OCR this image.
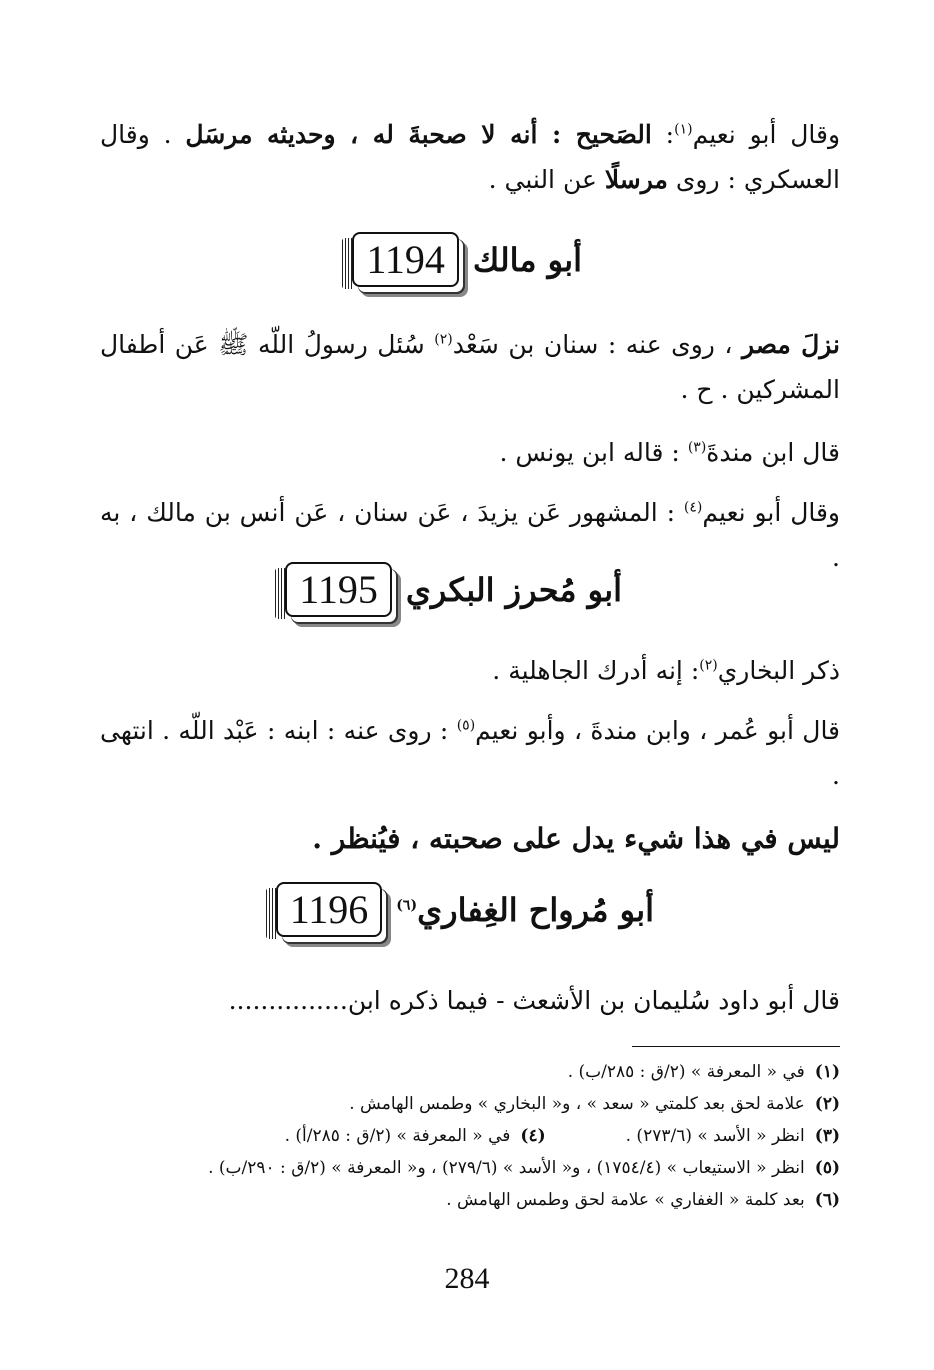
وقال أبو نعيم$^{(١)}$: الصَحيح : أنه لا صحبةَ له ، وحديثه مرسَل . وقال العسكري : روى مرسلًا عن النبي .
أبو مالك
1194
نزلَ مصر ، روى عنه : سنان بن سَعْد$^{(٢)}$ سُئل رسولُ اللّه ﷺ عَن أطفال المشركين . ح .
قال ابن مندةَ$^{(٣)}$ : قاله ابن يونس .
وقال أبو نعيم$^{(٤)}$ : المشهور عَن يزيدَ ، عَن سنان ، عَن أنس بن مالك ، به .
أبو مُحرز البكري
1195
ذكر البخاري$^{(٢)}$: إنه أدرك الجاهلية .
قال أبو عُمر ، وابن مندةَ ، وأبو نعيم$^{(٥)}$ : روى عنه : ابنه : عَبْد اللّه . انتهى .
ليس في هذا شيء يدل على صحبته ، فيُنظر .
أبو مُرواح الغِفاري$^{(٦)}$
1196
قال أبو داود سُليمان بن الأشعث - فيما ذكره ابن...............
(١)
في « المعرفة » (٢/ق : ٢٨٥/ب) .
(٢)
علامة لحق بعد كلمتي « سعد » ، و« البخاري » وطمس الهامش .
(٣)
انظر « الأسد » (٢٧٣/٦) .
(٤)
في « المعرفة » (٢/ق : ٢٨٥/أ) .
(٥)
انظر « الاستيعاب » (١٧٥٤/٤) ، و« الأسد » (٢٧٩/٦) ، و« المعرفة » (٢/ق : ٢٩٠/ب) .
(٦)
بعد كلمة « الغفاري » علامة لحق وطمس الهامش .
284
